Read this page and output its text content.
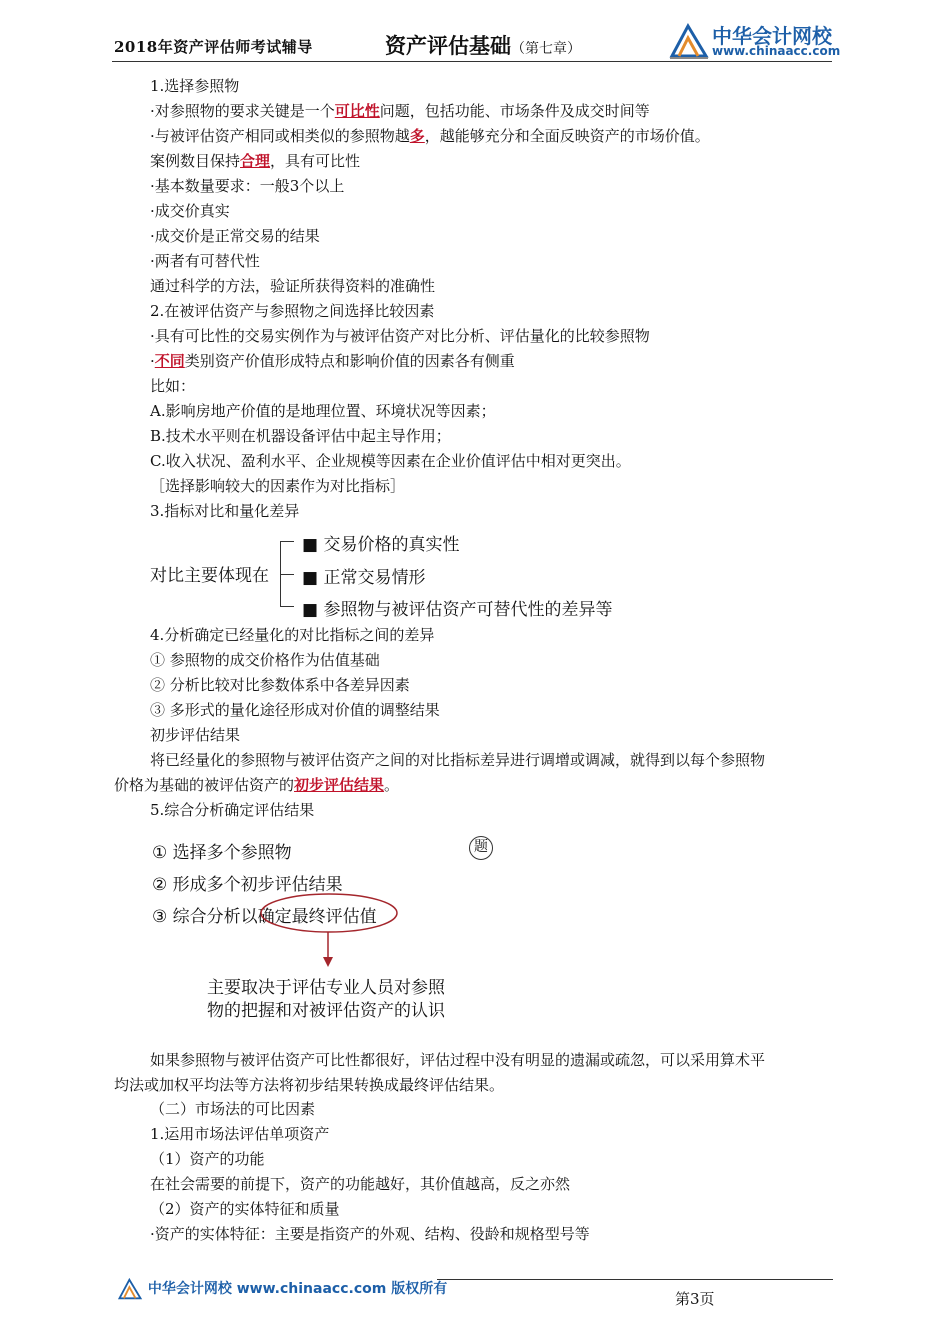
2018年资产评估师考试辅导	资产评估基础（第七章）
中华会计网校
www.chinaacc.com
1.选择参照物
·对参照物的要求关键是一个可比性问题，包括功能、市场条件及成交时间等
·与被评估资产相同或相类似的参照物越多，越能够充分和全面反映资产的市场价值。
案例数目保持合理，具有可比性
·基本数量要求：一般3个以上
·成交价真实
·成交价是正常交易的结果
·两者有可替代性
通过科学的方法，验证所获得资料的准确性
2.在被评估资产与参照物之间选择比较因素
·具有可比性的交易实例作为与被评估资产对比分析、评估量化的比较参照物
·不同类别资产价值形成特点和影响价值的因素各有侧重
比如：
A.影响房地产价值的是地理位置、环境状况等因素；
B.技术水平则在机器设备评估中起主导作用；
C.收入状况、盈利水平、企业规模等因素在企业价值评估中相对更突出。
［选择影响较大的因素作为对比指标］
3.指标对比和量化差异
对比主要体现在
■ 交易价格的真实性
■ 正常交易情形
■ 参照物与被评估资产可替代性的差异等
4.分析确定已经量化的对比指标之间的差异
① 参照物的成交价格作为估值基础
② 分析比较对比参数体系中各差异因素
③ 多形式的量化途径形成对价值的调整结果
初步评估结果
将已经量化的参照物与被评估资产之间的对比指标差异进行调增或调减，就得到以每个参照物
价格为基础的被评估资产的初步评估结果。
5.综合分析确定评估结果
① 选择多个参照物
② 形成多个初步评估结果
③ 综合分析以确定最终评估值
题
主要取决于评估专业人员对参照
物的把握和对被评估资产的认识
如果参照物与被评估资产可比性都很好，评估过程中没有明显的遗漏或疏忽，可以采用算术平
均法或加权平均法等方法将初步结果转换成最终评估结果。
（二）市场法的可比因素
1.运用市场法评估单项资产
（1）资产的功能
在社会需要的前提下，资产的功能越好，其价值越高，反之亦然
（2）资产的实体特征和质量
·资产的实体特征：主要是指资产的外观、结构、役龄和规格型号等
中华会计网校 www.chinaacc.com 版权所有
第3页
